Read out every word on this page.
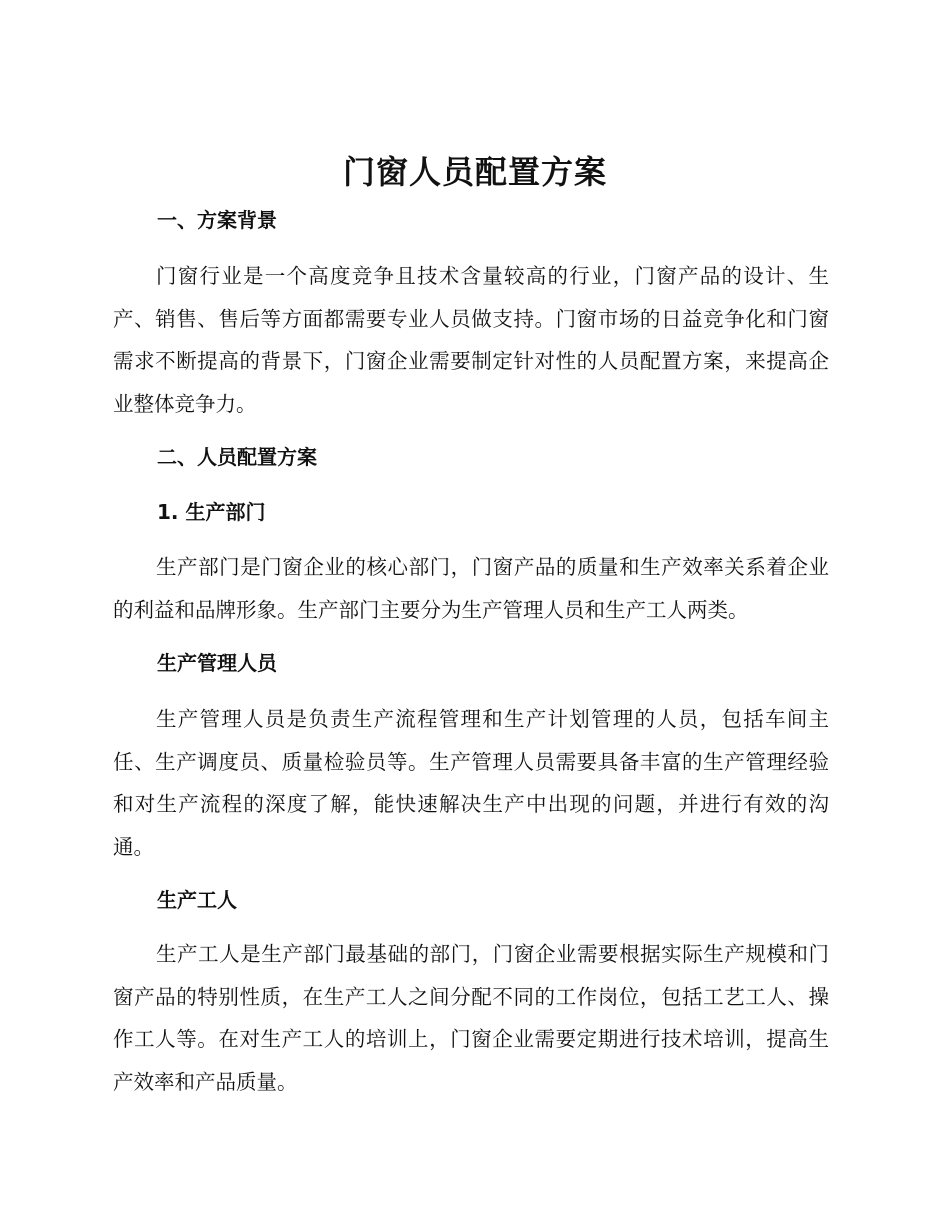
门窗人员配置方案
一、方案背景

门窗行业是一个高度竞争且技术含量较高的行业，门窗产品的设计、生产、销售、售后等方面都需要专业人员做支持。门窗市场的日益竞争化和门窗需求不断提高的背景下，门窗企业需要制定针对性的人员配置方案，来提高企业整体竞争力。

二、人员配置方案
1. 生产部门

生产部门是门窗企业的核心部门，门窗产品的质量和生产效率关系着企业的利益和品牌形象。生产部门主要分为生产管理人员和生产工人两类。

生产管理人员

生产管理人员是负责生产流程管理和生产计划管理的人员，包括车间主任、生产调度员、质量检验员等。生产管理人员需要具备丰富的生产管理经验和对生产流程的深度了解，能快速解决生产中出现的问题，并进行有效的沟通。

生产工人

生产工人是生产部门最基础的部门，门窗企业需要根据实际生产规模和门窗产品的特别性质，在生产工人之间分配不同的工作岗位，包括工艺工人、操作工人等。在对生产工人的培训上，门窗企业需要定期进行技术培训，提高生产效率和产品质量。
